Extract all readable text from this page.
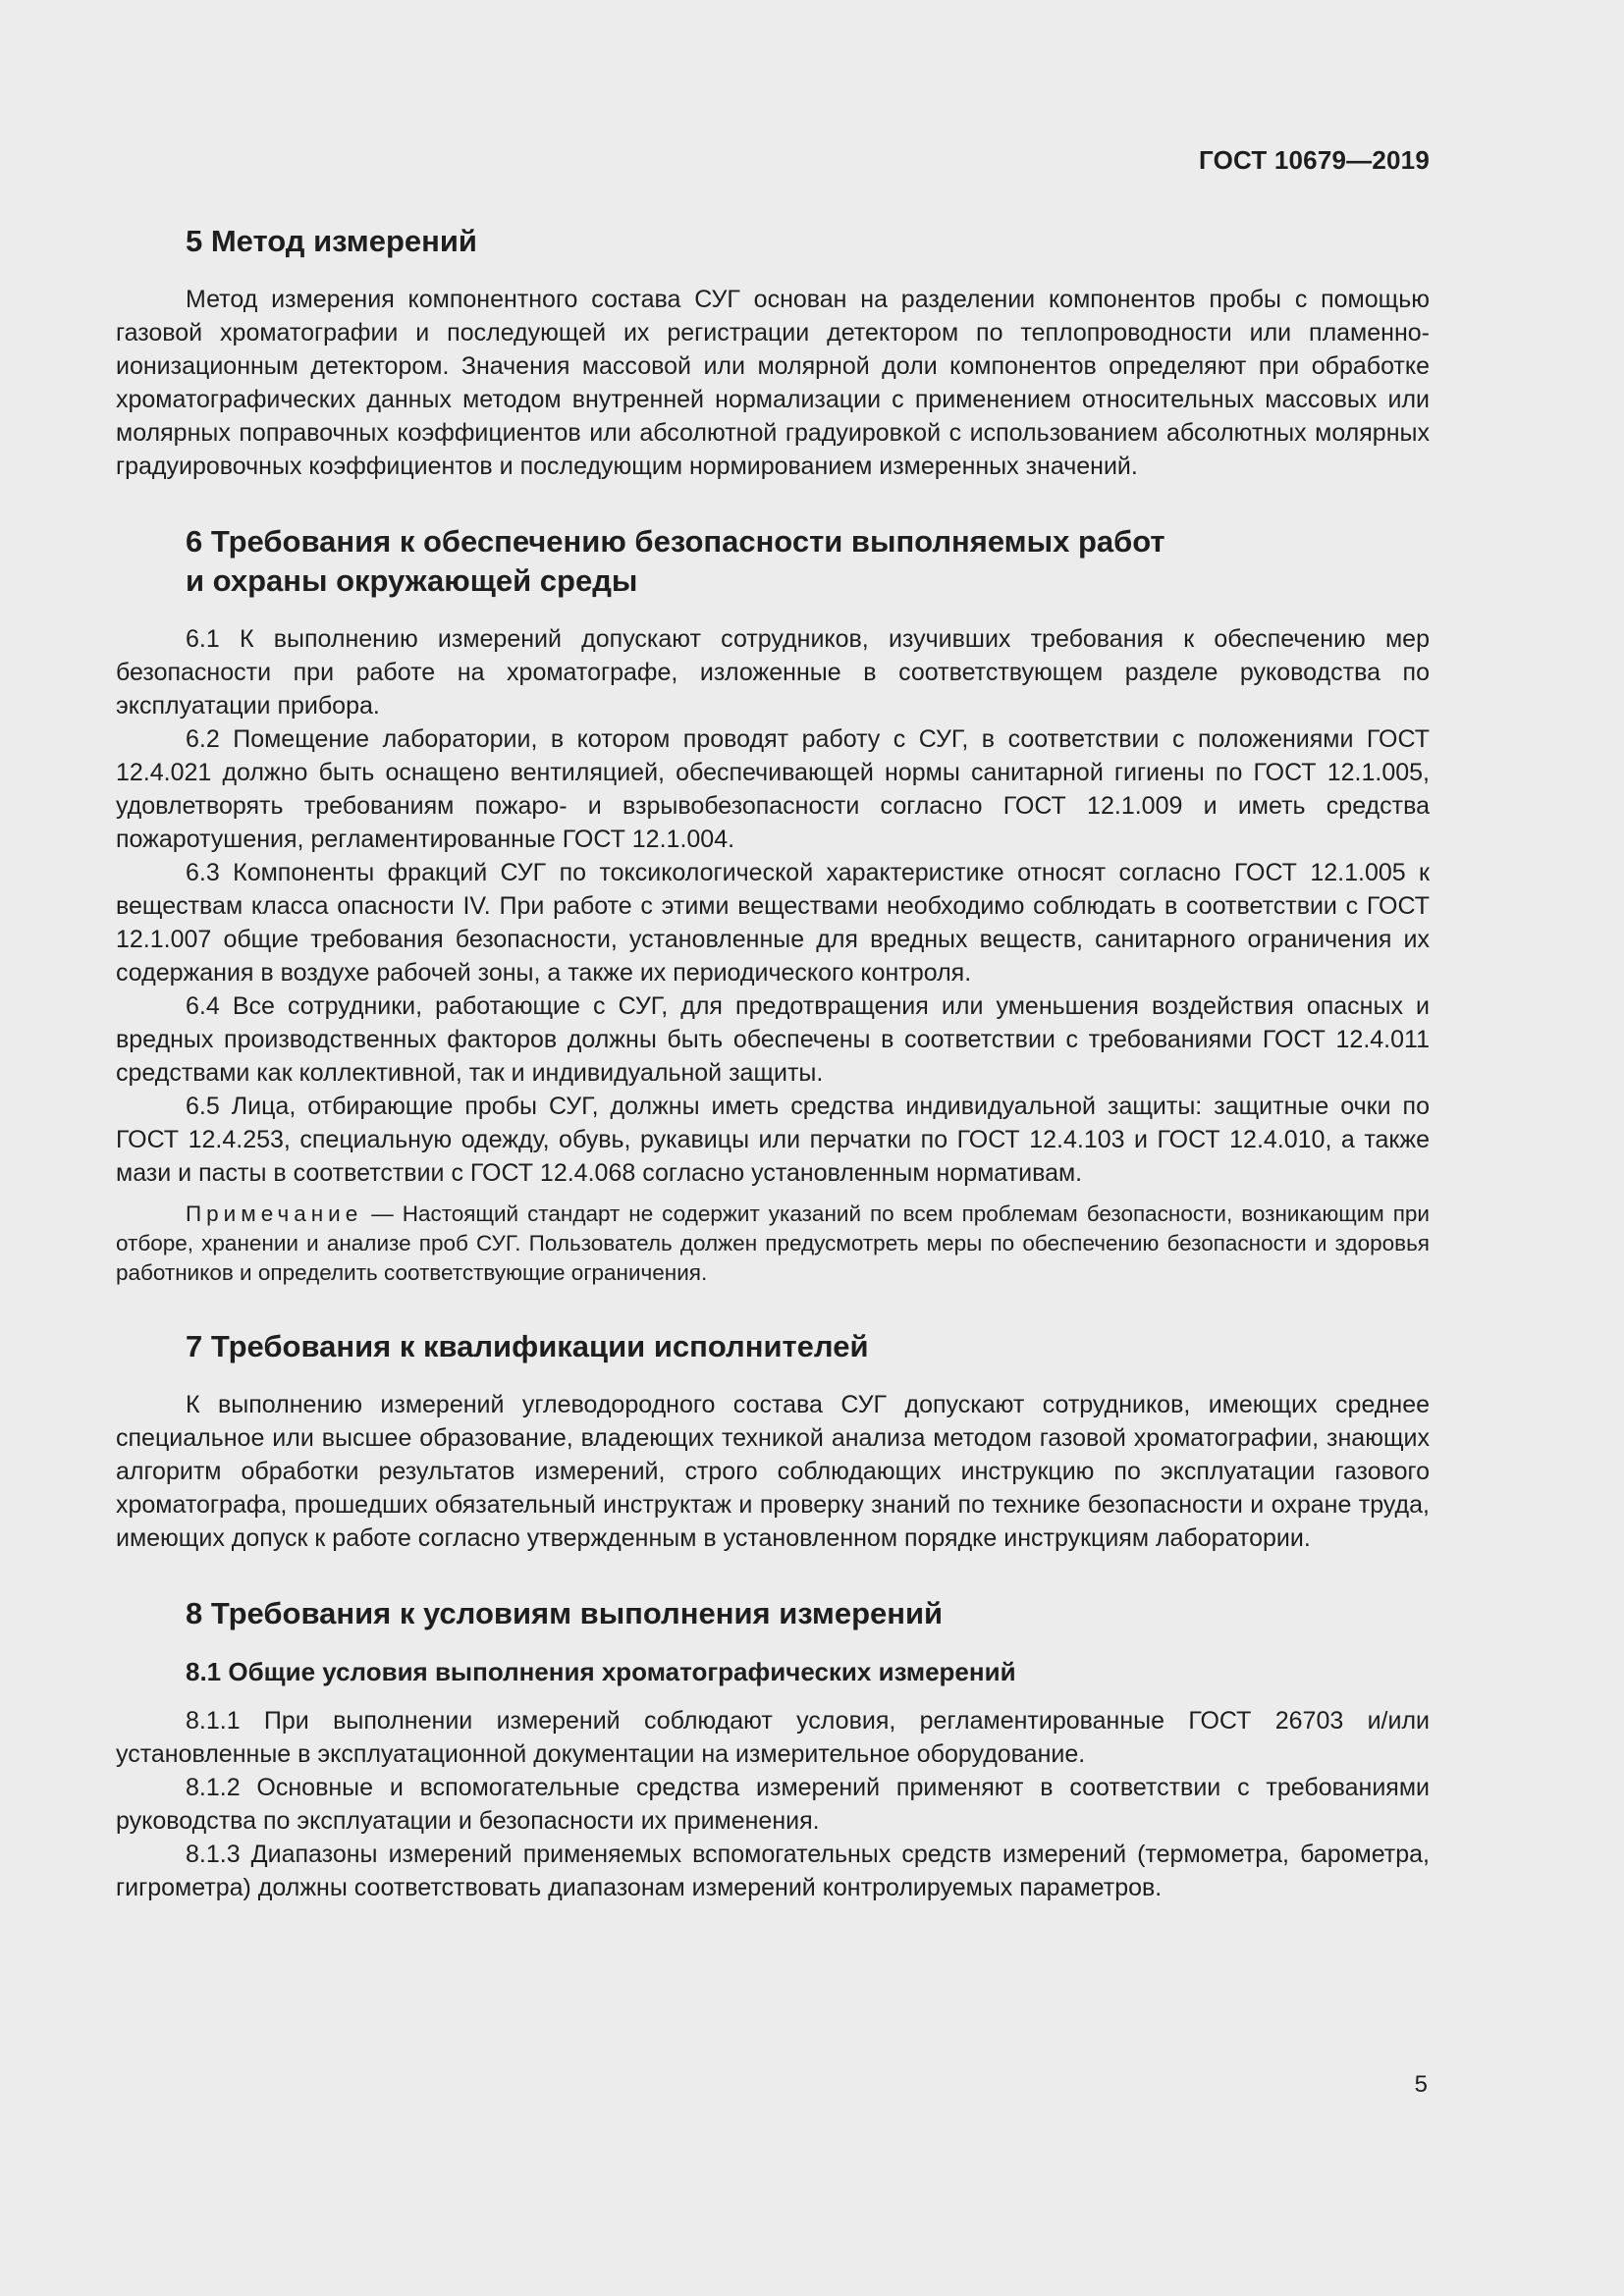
ГОСТ 10679—2019
5 Метод измерений

Метод измерения компонентного состава СУГ основан на разделении компонентов пробы с помощью газовой хроматографии и последующей их регистрации детектором по теплопроводности или пламенно-ионизационным детектором. Значения массовой или молярной доли компонентов определяют при обработке хроматографических данных методом внутренней нормализации с применением относительных массовых или молярных поправочных коэффициентов или абсолютной градуировкой с использованием абсолютных молярных градуировочных коэффициентов и последующим нормированием измеренных значений.

6 Требования к обеспечению безопасности выполняемых работ
и охраны окружающей среды

6.1 К выполнению измерений допускают сотрудников, изучивших требования к обеспечению мер безопасности при работе на хроматографе, изложенные в соответствующем разделе руководства по эксплуатации прибора.

6.2 Помещение лаборатории, в котором проводят работу с СУГ, в соответствии с положениями ГОСТ 12.4.021 должно быть оснащено вентиляцией, обеспечивающей нормы санитарной гигиены по ГОСТ 12.1.005, удовлетворять требованиям пожаро- и взрывобезопасности согласно ГОСТ 12.1.009 и иметь средства пожаротушения, регламентированные ГОСТ 12.1.004.

6.3 Компоненты фракций СУГ по токсикологической характеристике относят согласно ГОСТ 12.1.005 к веществам класса опасности IV. При работе с этими веществами необходимо соблюдать в соответствии с ГОСТ 12.1.007 общие требования безопасности, установленные для вредных веществ, санитарного ограничения их содержания в воздухе рабочей зоны, а также их периодического контроля.

6.4 Все сотрудники, работающие с СУГ, для предотвращения или уменьшения воздействия опасных и вредных производственных факторов должны быть обеспечены в соответствии с требованиями ГОСТ 12.4.011 средствами как коллективной, так и индивидуальной защиты.

6.5 Лица, отбирающие пробы СУГ, должны иметь средства индивидуальной защиты: защитные очки по ГОСТ 12.4.253, специальную одежду, обувь, рукавицы или перчатки по ГОСТ 12.4.103 и ГОСТ 12.4.010, а также мази и пасты в соответствии с ГОСТ 12.4.068 согласно установленным нормативам.

Примечание — Настоящий стандарт не содержит указаний по всем проблемам безопасности, возникающим при отборе, хранении и анализе проб СУГ. Пользователь должен предусмотреть меры по обеспечению безопасности и здоровья работников и определить соответствующие ограничения.

7 Требования к квалификации исполнителей

К выполнению измерений углеводородного состава СУГ допускают сотрудников, имеющих среднее специальное или высшее образование, владеющих техникой анализа методом газовой хроматографии, знающих алгоритм обработки результатов измерений, строго соблюдающих инструкцию по эксплуатации газового хроматографа, прошедших обязательный инструктаж и проверку знаний по технике безопасности и охране труда, имеющих допуск к работе согласно утвержденным в установленном порядке инструкциям лаборатории.

8 Требования к условиям выполнения измерений
8.1 Общие условия выполнения хроматографических измерений

8.1.1 При выполнении измерений соблюдают условия, регламентированные ГОСТ 26703 и/или установленные в эксплуатационной документации на измерительное оборудование.

8.1.2 Основные и вспомогательные средства измерений применяют в соответствии с требованиями руководства по эксплуатации и безопасности их применения.

8.1.3 Диапазоны измерений применяемых вспомогательных средств измерений (термометра, барометра, гигрометра) должны соответствовать диапазонам измерений контролируемых параметров.

5
